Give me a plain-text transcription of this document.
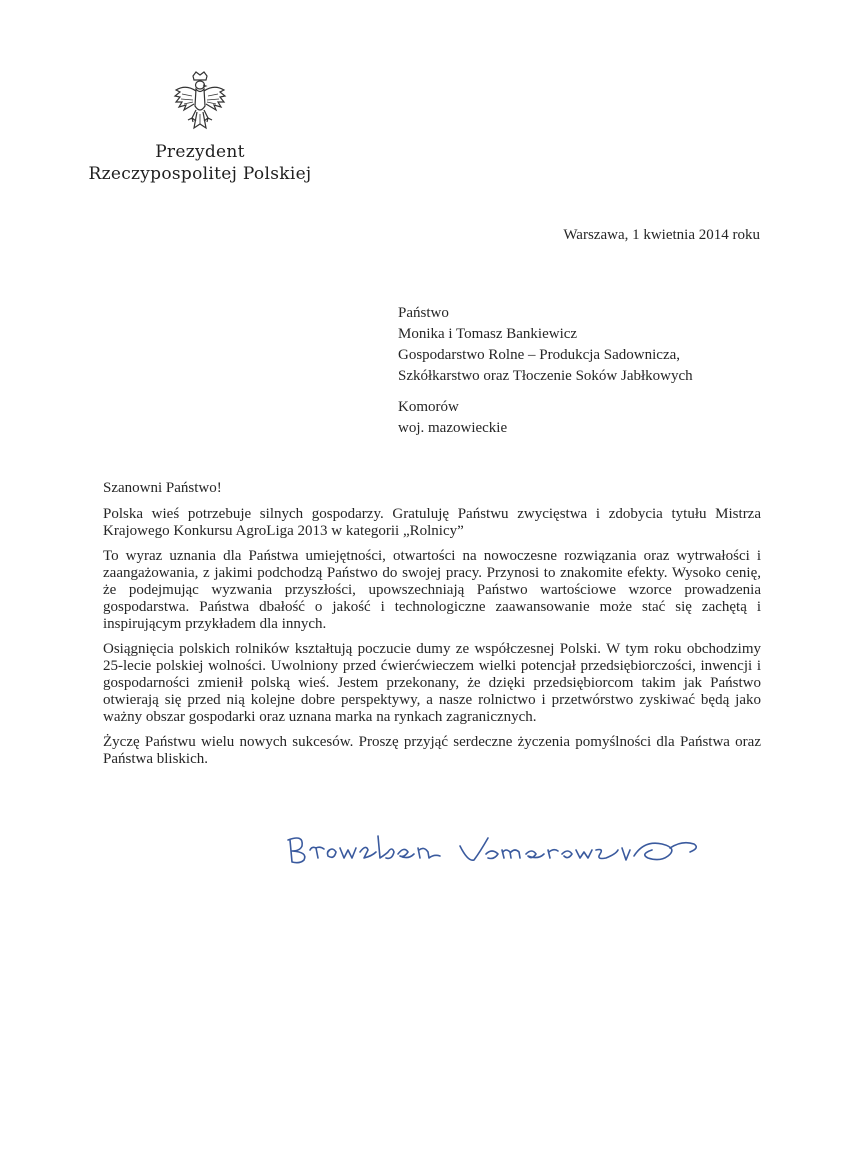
Prezydent
Rzeczypospolitej Polskiej
Warszawa, 1 kwietnia 2014 roku
Państwo
Monika i Tomasz Bankiewicz
Gospodarstwo Rolne – Produkcja Sadownicza,
Szkółkarstwo oraz Tłoczenie Soków Jabłkowych
Komorów
woj. mazowieckie

Szanowni Państwo!

Polska wieś potrzebuje silnych gospodarzy. Gratuluję Państwu zwycięstwa i zdobycia tytułu Mistrza Krajowego Konkursu AgroLiga 2013 w kategorii „Rolnicy”

To wyraz uznania dla Państwa umiejętności, otwartości na nowoczesne rozwiązania oraz wytrwałości i zaangażowania, z jakimi podchodzą Państwo do swojej pracy. Przynosi to znakomite efekty. Wysoko cenię, że podejmując wyzwania przyszłości, upowszechniają Państwo wartościowe wzorce prowadzenia gospodarstwa. Państwa dbałość o jakość i technologiczne zaawansowanie może stać się zachętą i inspirującym przykładem dla innych.

Osiągnięcia polskich rolników kształtują poczucie dumy ze współczesnej Polski. W tym roku obchodzimy 25-lecie polskiej wolności. Uwolniony przed ćwierćwieczem wielki potencjał przedsiębiorczości, inwencji i gospodarności zmienił polską wieś. Jestem przekonany, że dzięki przedsiębiorcom takim jak Państwo otwierają się przed nią kolejne dobre perspektywy, a nasze rolnictwo i przetwórstwo zyskiwać będą jako ważny obszar gospodarki oraz uznana marka na rynkach zagranicznych.

Życzę Państwu wielu nowych sukcesów. Proszę przyjąć serdeczne życzenia pomyślności dla Państwa oraz Państwa bliskich.
